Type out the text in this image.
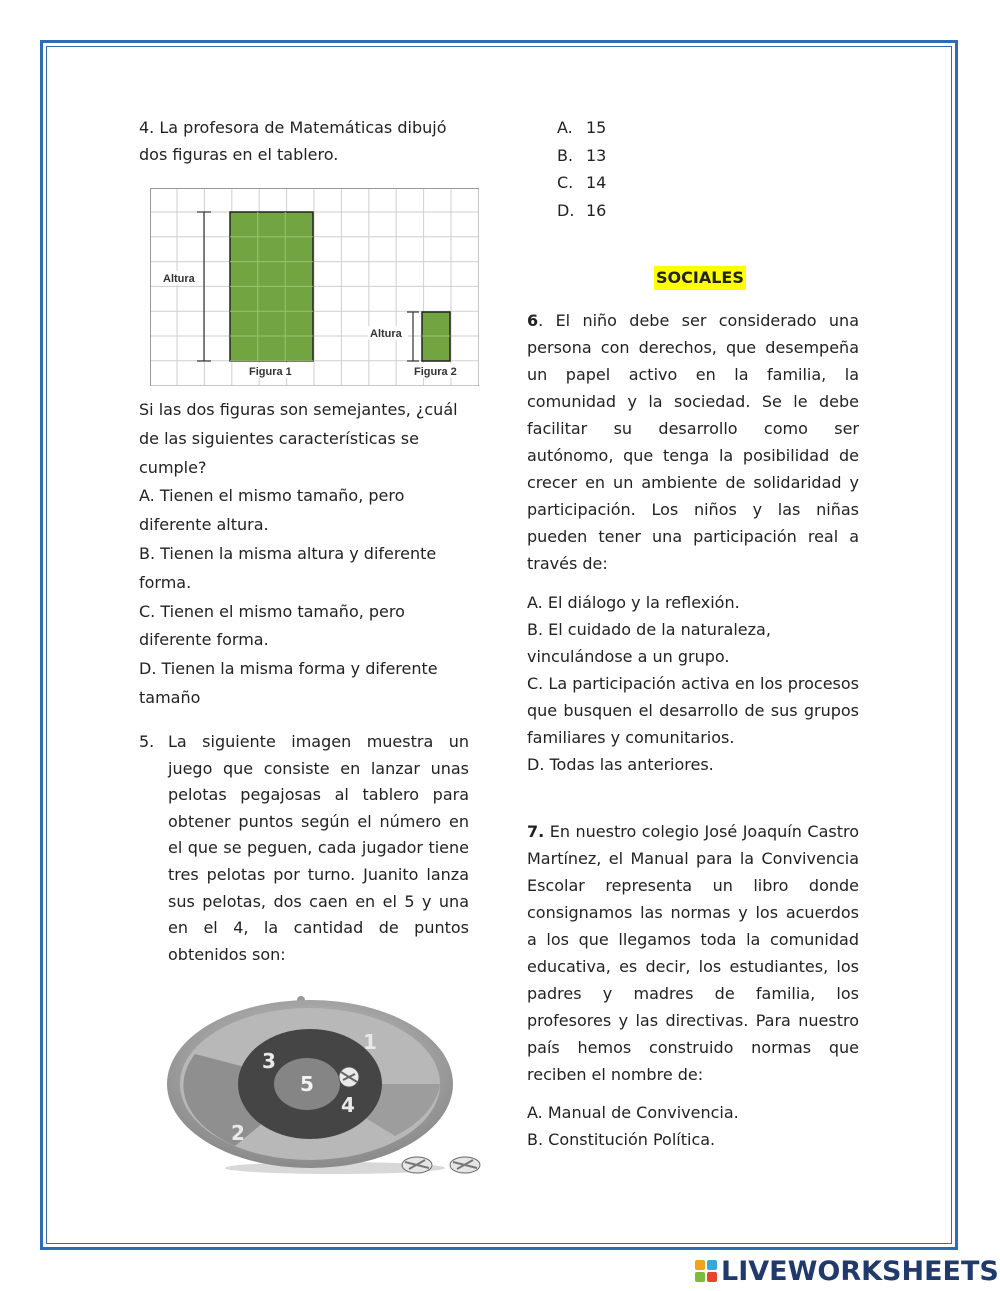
4. La profesora de Matemáticas dibujó dos figuras en el tablero.
Altura
Altura
Figura 1	Figura 2

Si las dos figuras son semejantes, ¿cuál de las siguientes características se cumple?

A. Tienen el mismo tamaño, pero diferente altura.

B. Tienen la misma altura y diferente forma.

C. Tienen el mismo tamaño, pero diferente forma.

D. Tienen la misma forma y diferente tamaño

5. La siguiente imagen muestra un juego que consiste en lanzar unas pelotas pegajosas al tablero para obtener puntos según el número en el que se peguen, cada jugador tiene tres pelotas por turno. Juanito lanza sus pelotas, dos caen en el 5 y una en el 4, la cantidad de puntos obtenidos son:
1
2
3
4
5
A. 15
B. 13
C. 14
D. 16
SOCIALES
6. El niño debe ser considerado una persona con derechos, que desempeña un papel activo en la familia, la comunidad y la sociedad. Se le debe facilitar su desarrollo como ser autónomo, que tenga la posibilidad de crecer en un ambiente de solidaridad y participación. Los niños y las niñas pueden tener una participación real a través de:

A. El diálogo y la reflexión.

B. El cuidado de la naturaleza, vinculándose a un grupo.

C. La participación activa en los procesos que busquen el desarrollo de sus grupos familiares y comunitarios.

D. Todas las anteriores.

7. En nuestro colegio José Joaquín Castro Martínez, el Manual para la Convivencia Escolar representa un libro donde consignamos las normas y los acuerdos a los que llegamos toda la comunidad educativa, es decir, los estudiantes, los padres y madres de familia, los profesores y las directivas. Para nuestro país hemos construido normas que reciben el nombre de:

A. Manual de Convivencia.

B. Constitución Política.

LIVEWORKSHEETS
